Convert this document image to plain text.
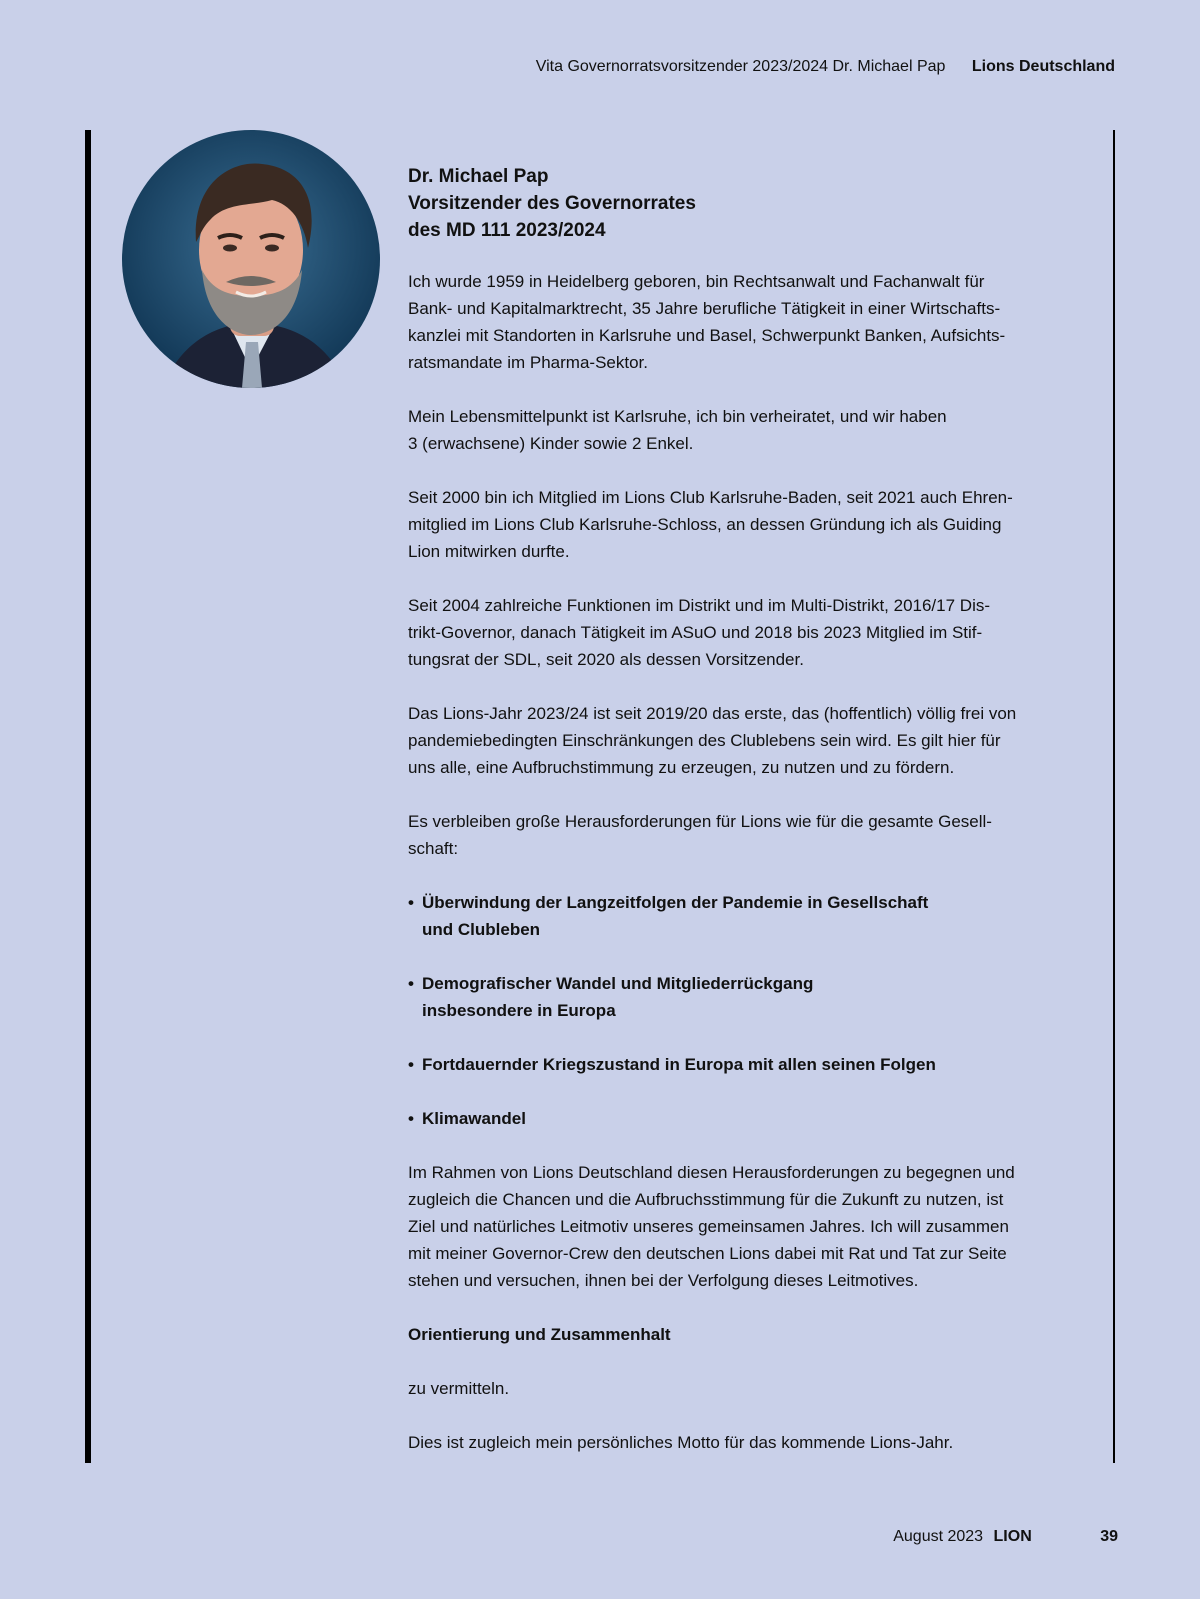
Vita Governorratsvorsitzender 2023/2024 Dr. Michael Pap Lions Deutschland
Dr. Michael Pap
Vorsitzender des Governorrates
des MD 111 2023/2024

Ich wurde 1959 in Heidelberg geboren, bin Rechtsanwalt und Fachanwalt für
Bank- und Kapitalmarktrecht, 35 Jahre berufliche Tätigkeit in einer Wirtschafts-
kanzlei mit Standorten in Karlsruhe und Basel, Schwerpunkt Banken, Aufsichts-
ratsmandate im Pharma-Sektor.

Mein Lebensmittelpunkt ist Karlsruhe, ich bin verheiratet, und wir haben
3 (erwachsene) Kinder sowie 2 Enkel.

Seit 2000 bin ich Mitglied im Lions Club Karlsruhe-Baden, seit 2021 auch Ehren-
mitglied im Lions Club Karlsruhe-Schloss, an dessen Gründung ich als Guiding
Lion mitwirken durfte.

Seit 2004 zahlreiche Funktionen im Distrikt und im Multi-Distrikt, 2016/17 Dis-
trikt-Governor, danach Tätigkeit im ASuO und 2018 bis 2023 Mitglied im Stif-
tungsrat der SDL, seit 2020 als dessen Vorsitzender.

Das Lions-Jahr 2023/24 ist seit 2019/20 das erste, das (hoffentlich) völlig frei von
pandemiebedingten Einschränkungen des Clublebens sein wird. Es gilt hier für
uns alle, eine Aufbruchstimmung zu erzeugen, zu nutzen und zu fördern.

Es verbleiben große Herausforderungen für Lions wie für die gesamte Gesell-
schaft:

• Überwindung der Langzeitfolgen der Pandemie in Gesellschaft
und Clubleben
• Demografischer Wandel und Mitgliederrückgang
insbesondere in Europa
• Fortdauernder Kriegszustand in Europa mit allen seinen Folgen
• Klimawandel

Im Rahmen von Lions Deutschland diesen Herausforderungen zu begegnen und
zugleich die Chancen und die Aufbruchsstimmung für die Zukunft zu nutzen, ist
Ziel und natürliches Leitmotiv unseres gemeinsamen Jahres. Ich will zusammen
mit meiner Governor-Crew den deutschen Lions dabei mit Rat und Tat zur Seite
stehen und versuchen, ihnen bei der Verfolgung dieses Leitmotives.

Orientierung und Zusammenhalt

zu vermitteln.

Dies ist zugleich mein persönliches Motto für das kommende Lions-Jahr.

August 2023 LION	39
